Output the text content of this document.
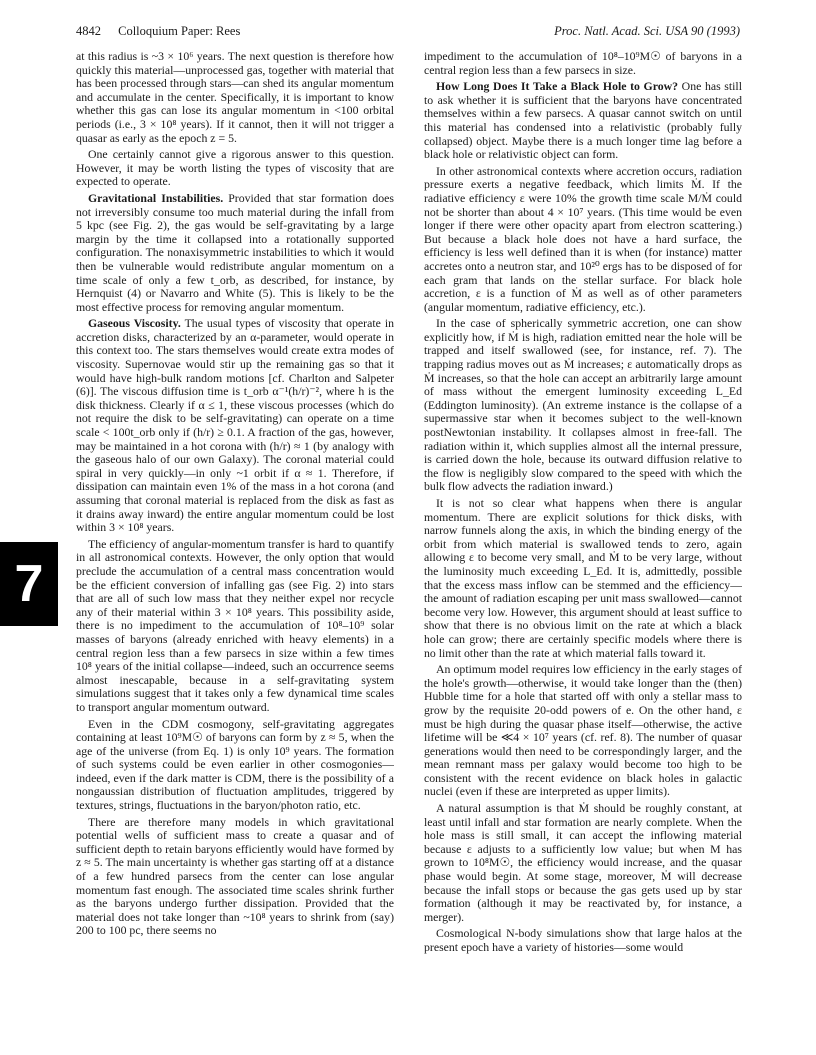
4842 Colloquium Paper: Rees	Proc. Natl. Acad. Sci. USA 90 (1993)
7

at this radius is ~3 × 10⁶ years. The next question is therefore how quickly this material—unprocessed gas, together with material that has been processed through stars—can shed its angular momentum and accumulate in the center. Specifically, it is important to know whether this gas can lose its angular momentum in <100 orbital periods (i.e., 3 × 10⁸ years). If it cannot, then it will not trigger a quasar as early as the epoch z = 5.

One certainly cannot give a rigorous answer to this question. However, it may be worth listing the types of viscosity that are expected to operate.

Gravitational Instabilities. Provided that star formation does not irreversibly consume too much material during the infall from 5 kpc (see Fig. 2), the gas would be self-gravitating by a large margin by the time it collapsed into a rotationally supported configuration. The nonaxisymmetric instabilities to which it would then be vulnerable would redistribute angular momentum on a time scale of only a few t_orb, as described, for instance, by Hernquist (4) or Navarro and White (5). This is likely to be the most effective process for removing angular momentum.

Gaseous Viscosity. The usual types of viscosity that operate in accretion disks, characterized by an α-parameter, would operate in this context too. The stars themselves would create extra modes of viscosity. Supernovae would stir up the remaining gas so that it would have high-bulk random motions [cf. Charlton and Salpeter (6)]. The viscous diffusion time is t_orb α⁻¹(h/r)⁻², where h is the disk thickness. Clearly if α ≤ 1, these viscous processes (which do not require the disk to be self-gravitating) can operate on a time scale < 100t_orb only if (h/r) ≥ 0.1. A fraction of the gas, however, may be maintained in a hot corona with (h/r) ≈ 1 (by analogy with the gaseous halo of our own Galaxy). The coronal material could spiral in very quickly—in only ~1 orbit if α ≈ 1. Therefore, if dissipation can maintain even 1% of the mass in a hot corona (and assuming that coronal material is replaced from the disk as fast as it drains away inward) the entire angular momentum could be lost within 3 × 10⁸ years.

The efficiency of angular-momentum transfer is hard to quantify in all astronomical contexts. However, the only option that would preclude the accumulation of a central mass concentration would be the efficient conversion of infalling gas (see Fig. 2) into stars that are all of such low mass that they neither expel nor recycle any of their material within 3 × 10⁸ years. This possibility aside, there is no impediment to the accumulation of 10⁸–10⁹ solar masses of baryons (already enriched with heavy elements) in a central region less than a few parsecs in size within a few times 10⁸ years of the initial collapse—indeed, such an occurrence seems almost inescapable, because in a self-gravitating system simulations suggest that it takes only a few dynamical time scales to transport angular momentum outward.

Even in the CDM cosmogony, self-gravitating aggregates containing at least 10⁹M☉ of baryons can form by z ≈ 5, when the age of the universe (from Eq. 1) is only 10⁹ years. The formation of such systems could be even earlier in other cosmogonies—indeed, even if the dark matter is CDM, there is the possibility of a nongaussian distribution of fluctuation amplitudes, triggered by textures, strings, fluctuations in the baryon/photon ratio, etc.

There are therefore many models in which gravitational potential wells of sufficient mass to create a quasar and of sufficient depth to retain baryons efficiently would have formed by z ≈ 5. The main uncertainty is whether gas starting off at a distance of a few hundred parsecs from the center can lose angular momentum fast enough. The associated time scales shrink further as the baryons undergo further dissipation. Provided that the material does not take longer than ~10⁸ years to shrink from (say) 200 to 100 pc, there seems no

impediment to the accumulation of 10⁸–10⁹M☉ of baryons in a central region less than a few parsecs in size.

How Long Does It Take a Black Hole to Grow? One has still to ask whether it is sufficient that the baryons have concentrated themselves within a few parsecs. A quasar cannot switch on until this material has condensed into a relativistic (probably fully collapsed) object. Maybe there is a much longer time lag before a black hole or relativistic object can form.

In other astronomical contexts where accretion occurs, radiation pressure exerts a negative feedback, which limits Ṁ. If the radiative efficiency ε were 10% the growth time scale M/Ṁ could not be shorter than about 4 × 10⁷ years. (This time would be even longer if there were other opacity apart from electron scattering.) But because a black hole does not have a hard surface, the efficiency is less well defined than it is when (for instance) matter accretes onto a neutron star, and 10²⁰ ergs has to be disposed of for each gram that lands on the stellar surface. For black hole accretion, ε is a function of Ṁ as well as of other parameters (angular momentum, radiative efficiency, etc.).

In the case of spherically symmetric accretion, one can show explicitly how, if Ṁ is high, radiation emitted near the hole will be trapped and itself swallowed (see, for instance, ref. 7). The trapping radius moves out as Ṁ increases; ε automatically drops as Ṁ increases, so that the hole can accept an arbitrarily large amount of mass without the emergent luminosity exceeding L_Ed (Eddington luminosity). (An extreme instance is the collapse of a supermassive star when it becomes subject to the well-known postNewtonian instability. It collapses almost in free-fall. The radiation within it, which supplies almost all the internal pressure, is carried down the hole, because its outward diffusion relative to the flow is negligibly slow compared to the speed with which the bulk flow advects the radiation inward.)

It is not so clear what happens when there is angular momentum. There are explicit solutions for thick disks, with narrow funnels along the axis, in which the binding energy of the orbit from which material is swallowed tends to zero, again allowing ε to become very small, and Ṁ to be very large, without the luminosity much exceeding L_Ed. It is, admittedly, possible that the excess mass inflow can be stemmed and the efficiency—the amount of radiation escaping per unit mass swallowed—cannot become very low. However, this argument should at least suffice to show that there is no obvious limit on the rate at which a black hole can grow; there are certainly specific models where there is no limit other than the rate at which material falls toward it.

An optimum model requires low efficiency in the early stages of the hole's growth—otherwise, it would take longer than the (then) Hubble time for a hole that started off with only a stellar mass to grow by the requisite 20-odd powers of e. On the other hand, ε must be high during the quasar phase itself—otherwise, the active lifetime will be ≪4 × 10⁷ years (cf. ref. 8). The number of quasar generations would then need to be correspondingly larger, and the mean remnant mass per galaxy would become too high to be consistent with the recent evidence on black holes in galactic nuclei (even if these are interpreted as upper limits).

A natural assumption is that Ṁ should be roughly constant, at least until infall and star formation are nearly complete. When the hole mass is still small, it can accept the inflowing material because ε adjusts to a sufficiently low value; but when M has grown to 10⁸M☉, the efficiency would increase, and the quasar phase would begin. At some stage, moreover, Ṁ will decrease because the infall stops or because the gas gets used up by star formation (although it may be reactivated by, for instance, a merger).

Cosmological N-body simulations show that large halos at the present epoch have a variety of histories—some would
